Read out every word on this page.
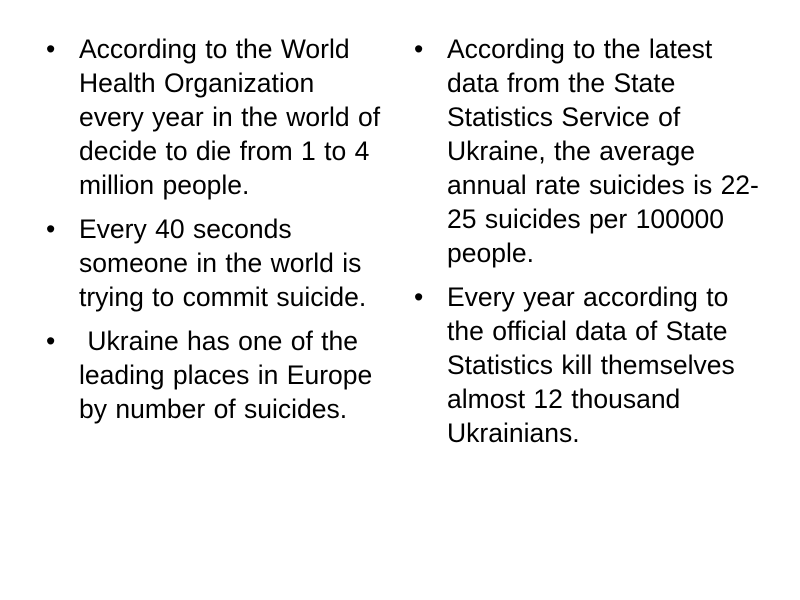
• According to the World Health Organization every year in the world of decide to die from 1 to 4 million people.
• Every 40 seconds someone in the world is trying to commit suicide.
• Ukraine has one of the leading places in Europe by number of suicides.
• According to the latest data from the State Statistics Service of Ukraine, the average annual rate suicides is 22-25 suicides per 100000 people.
• Every year according to the official data of State Statistics kill themselves almost 12 thousand Ukrainians.
